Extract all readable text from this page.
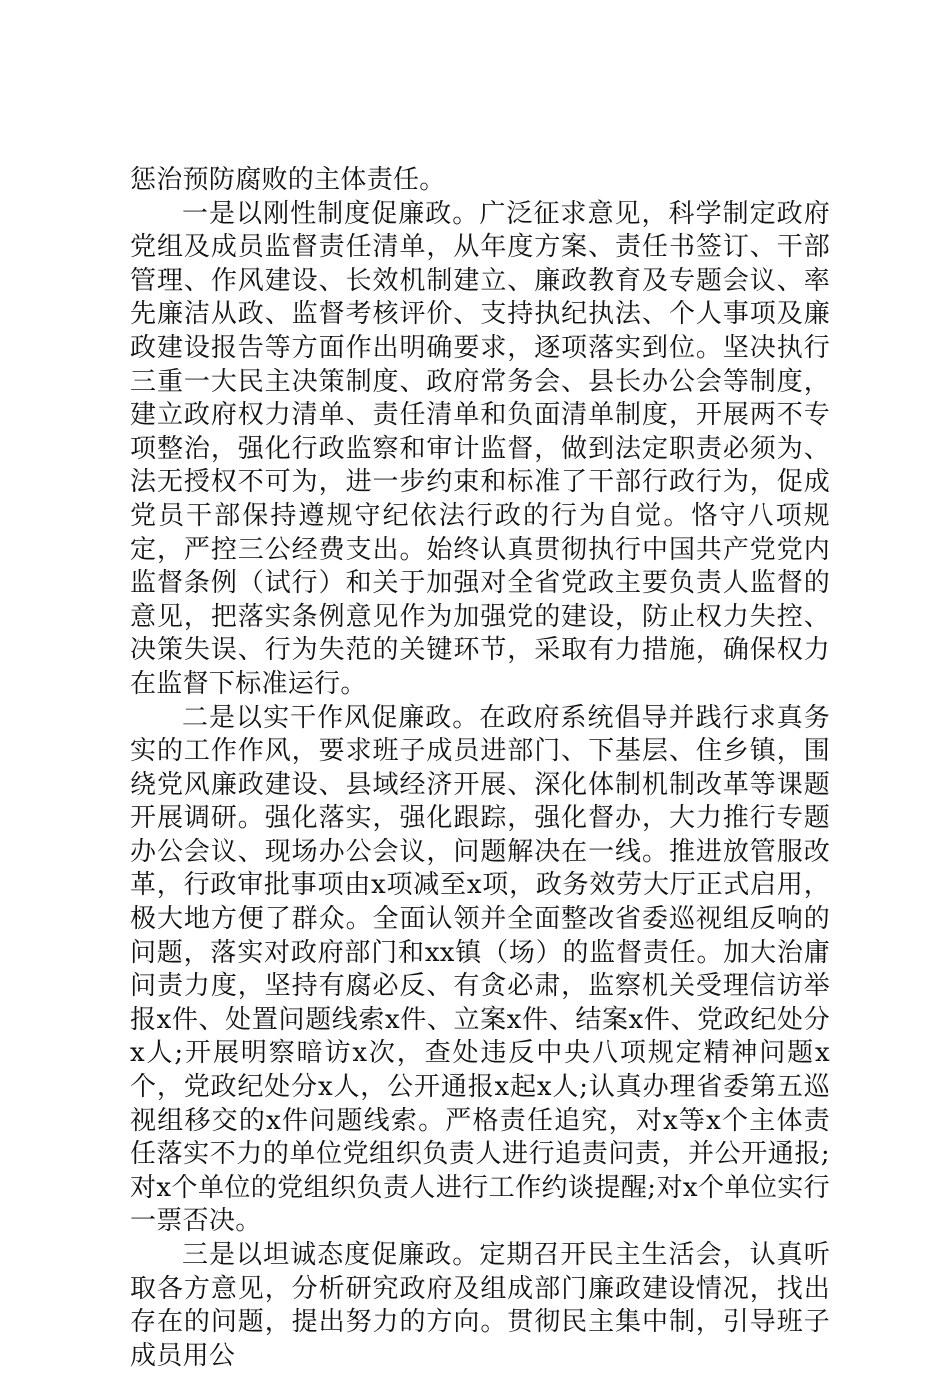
惩治预防腐败的主体责任。

一是以刚性制度促廉政。广泛征求意见，科学制定政府党组及成员监督责任清单，从年度方案、责任书签订、干部管理、作风建设、长效机制建立、廉政教育及专题会议、率先廉洁从政、监督考核评价、支持执纪执法、个人事项及廉政建设报告等方面作出明确要求，逐项落实到位。坚决执行三重一大民主决策制度、政府常务会、县长办公会等制度，建立政府权力清单、责任清单和负面清单制度，开展两不专项整治，强化行政监察和审计监督，做到法定职责必须为、法无授权不可为，进一步约束和标准了干部行政行为，促成党员干部保持遵规守纪依法行政的行为自觉。恪守八项规定，严控三公经费支出。始终认真贯彻执行中国共产党党内监督条例（试行）和关于加强对全省党政主要负责人监督的意见，把落实条例意见作为加强党的建设，防止权力失控、决策失误、行为失范的关键环节，采取有力措施，确保权力在监督下标准运行。

二是以实干作风促廉政。在政府系统倡导并践行求真务实的工作作风，要求班子成员进部门、下基层、住乡镇，围绕党风廉政建设、县域经济开展、深化体制机制改革等课题开展调研。强化落实，强化跟踪，强化督办，大力推行专题办公会议、现场办公会议，问题解决在一线。推进放管服改革，行政审批事项由x项减至x项，政务效劳大厅正式启用，极大地方便了群众。全面认领并全面整改省委巡视组反响的问题，落实对政府部门和xx镇（场）的监督责任。加大治庸问责力度，坚持有腐必反、有贪必肃，监察机关受理信访举报x件、处置问题线索x件、立案x件、结案x件、党政纪处分x人;开展明察暗访x次，查处违反中央八项规定精神问题x个，党政纪处分x人，公开通报x起x人;认真办理省委第五巡视组移交的x件问题线索。严格责任追究，对x等x个主体责任落实不力的单位党组织负责人进行追责问责，并公开通报;对x个单位的党组织负责人进行工作约谈提醒;对x个单位实行一票否决。

三是以坦诚态度促廉政。定期召开民主生活会，认真听取各方意见，分析研究政府及组成部门廉政建设情况，找出存在的问题，提出努力的方向。贯彻民主集中制，引导班子成员用公
